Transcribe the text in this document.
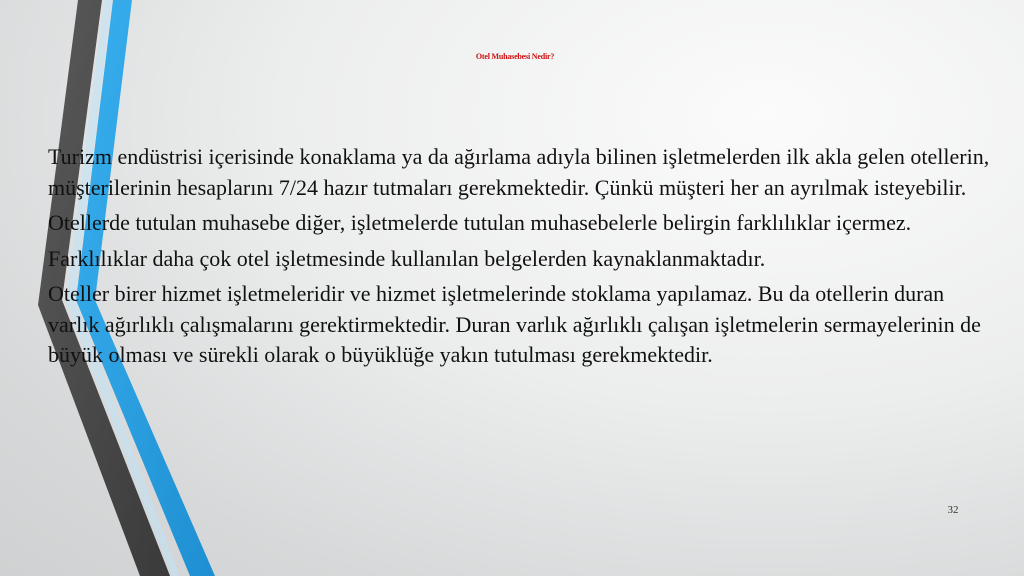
Otel Muhasebesi Nedir?

Turizm endüstrisi içerisinde konaklama ya da ağırlama adıyla bilinen işletmelerden ilk akla gelen otellerin, müşterilerinin hesaplarını 7/24 hazır tutmaları gerekmektedir. Çünkü müşteri her an ayrılmak isteyebilir.

Otellerde tutulan muhasebe diğer, işletmelerde tutulan muhasebelerle belirgin farklılıklar içermez.

Farklılıklar daha çok otel işletmesinde kullanılan belgelerden kaynaklanmaktadır.

Oteller birer hizmet işletmeleridir ve hizmet işletmelerinde stoklama yapılamaz. Bu da otellerin duran varlık ağırlıklı çalışmalarını gerektirmektedir. Duran varlık ağırlıklı çalışan işletmelerin sermayelerinin de büyük olması ve sürekli olarak o büyüklüğe yakın tutulması gerekmektedir.

32
